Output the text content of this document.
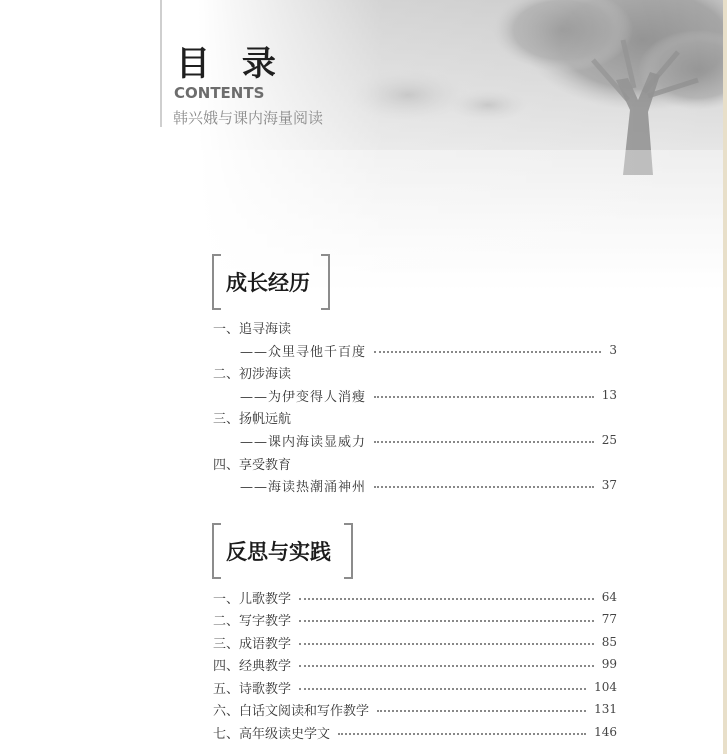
目 录
CONTENTS
韩兴娥与课内海量阅读
成长经历
一、追寻海读
——众里寻他千百度	3
二、初涉海读
——为伊变得人消瘦	13
三、扬帆远航
——课内海读显威力	25
四、享受教育
——海读热潮涌神州	37
反思与实践
一、儿歌教学	64
二、写字教学	77
三、成语教学	85
四、经典教学	99
五、诗歌教学	104
六、白话文阅读和写作教学	131
七、高年级读史学文	146
